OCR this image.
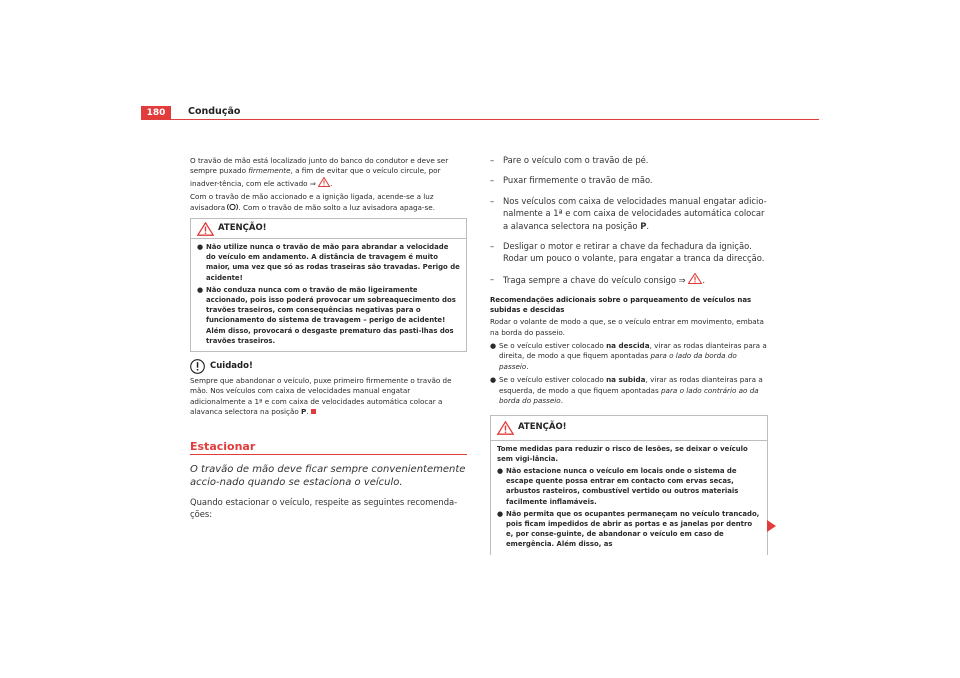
180	Condução

O travão de mão está localizado junto do banco do condutor e deve ser sempre puxado firmemente, a fim de evitar que o veículo circule, por inadver-tência, com ele activado ⇒ .

Com o travão de mão accionado e a ignição ligada, acende-se a luz avisadora . Com o travão de mão solto a luz avisadora apaga-se.

ATENÇÃO!

● Não utilize nunca o travão de mão para abrandar a velocidade do veículo em andamento. A distância de travagem é muito maior, uma vez que só as rodas traseiras são travadas. Perigo de acidente!

● Não conduza nunca com o travão de mão ligeiramente accionado, pois isso poderá provocar um sobreaquecimento dos travões traseiros, com consequências negativas para o funcionamento do sistema de travagem – perigo de acidente! Além disso, provocará o desgaste prematuro das pasti-lhas dos travões traseiros.

Cuidado!

Sempre que abandonar o veículo, puxe primeiro firmemente o travão de mão. Nos veículos com caixa de velocidades manual engatar adicionalmente a 1ª e com caixa de velocidades automática colocar a alavanca selectora na posição P.

Estacionar
O travão de mão deve ficar sempre convenientemente accio-nado quando se estaciona o veículo.

Quando estacionar o veículo, respeite as seguintes recomenda-ções:

–	Pare o veículo com o travão de pé.
–	Puxar firmemente o travão de mão.
–	Nos veículos com caixa de velocidades manual engatar adicio-nalmente a 1ª e com caixa de velocidades automática colocar a alavanca selectora na posição P.
–	Desligar o motor e retirar a chave da fechadura da ignição. Rodar um pouco o volante, para engatar a tranca da direcção.
–	Traga sempre a chave do veículo consigo ⇒ .
Recomendações adicionais sobre o parqueamento de veículos nas subidas e descidas

Rodar o volante de modo a que, se o veículo entrar em movimento, embata na borda do passeio.

● Se o veículo estiver colocado na descida, virar as rodas dianteiras para a direita, de modo a que fiquem apontadas para o lado da borda do passeio.

● Se o veículo estiver colocado na subida, virar as rodas dianteiras para a esquerda, de modo a que fiquem apontadas para o lado contrário ao da borda do passeio.

ATENÇÃO!

Tome medidas para reduzir o risco de lesões, se deixar o veículo sem vigi-lância.

● Não estacione nunca o veículo em locais onde o sistema de escape quente possa entrar em contacto com ervas secas, arbustos rasteiros, combustível vertido ou outros materiais facilmente inflamáveis.

● Não permita que os ocupantes permaneçam no veículo trancado, pois ficam impedidos de abrir as portas e as janelas por dentro e, por conse-guinte, de abandonar o veículo em caso de emergência. Além disso, as
